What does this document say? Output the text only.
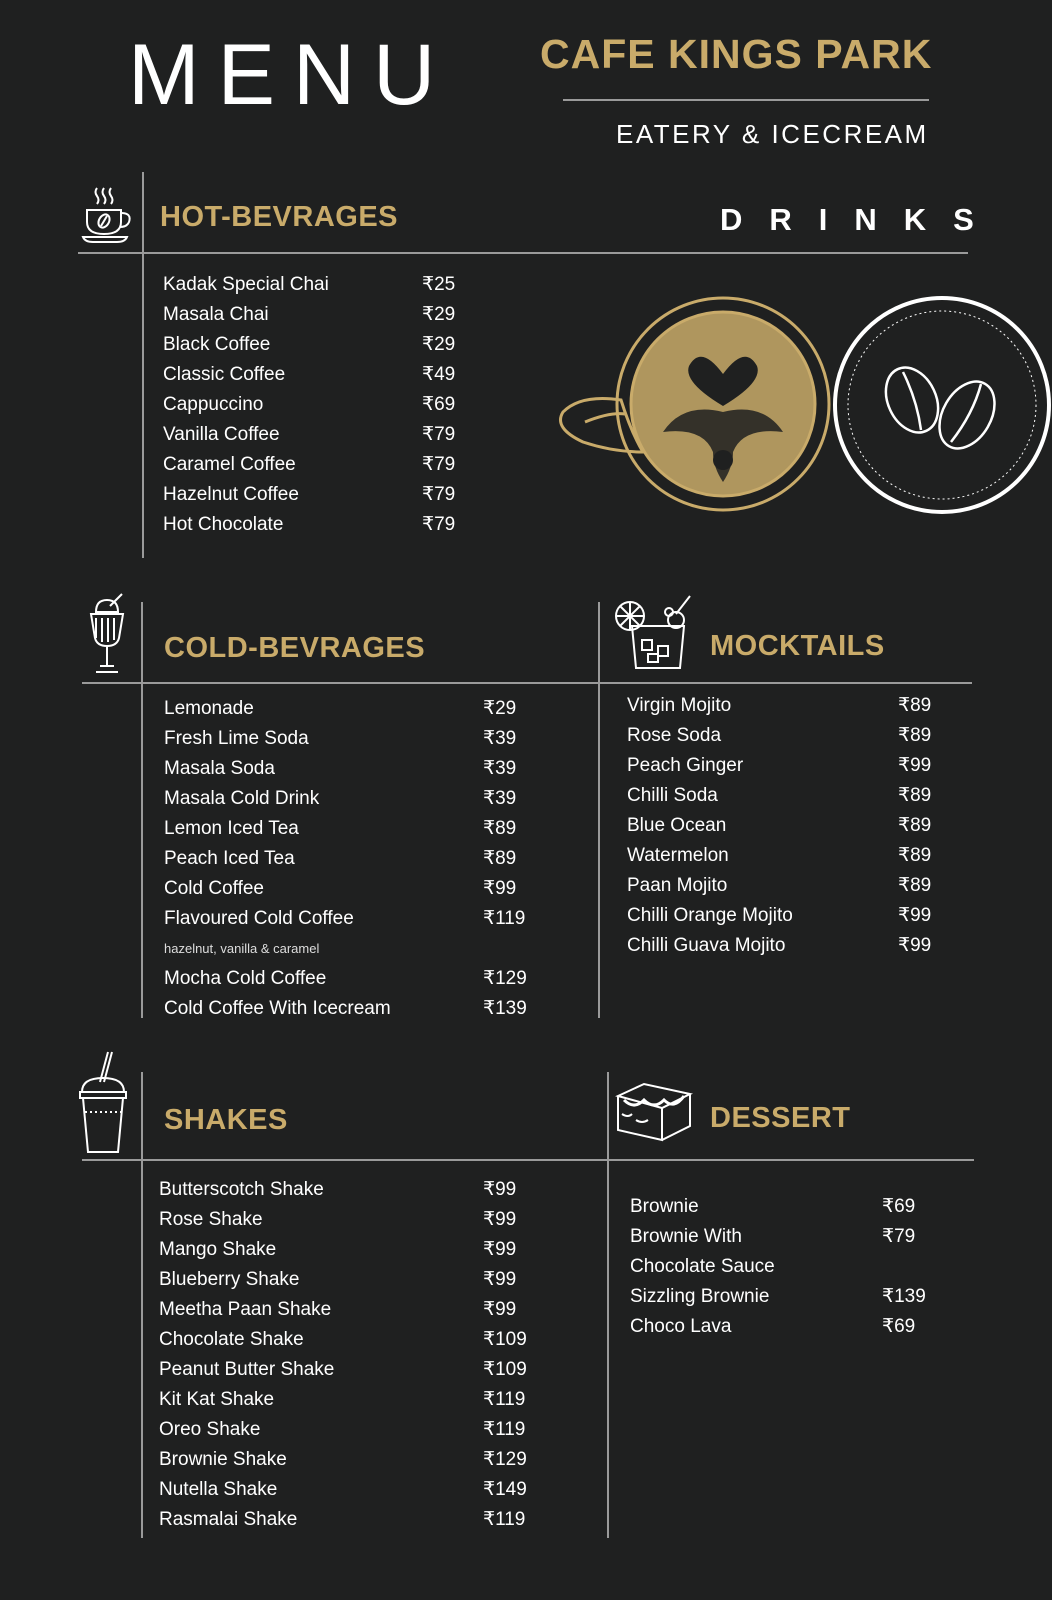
MENU CAFE KINGS PARK
EATERY & ICECREAM
HOT-BEVRAGES	DRINKS
Kadak Special Chai	₹25
Masala Chai	₹29
Black Coffee	₹29
Classic Coffee	₹49
Cappuccino	₹69
Vanilla Coffee	₹79
Caramel Coffee	₹79
Hazelnut Coffee	₹79
Hot Chocolate	₹79
COLD-BEVRAGES
Lemonade	₹29
Fresh Lime Soda	₹39
Masala Soda	₹39
Masala Cold Drink	₹39
Lemon Iced Tea	₹89
Peach Iced Tea	₹89
Cold Coffee	₹99
Flavoured Cold Coffee	₹119
hazelnut, vanilla & caramel
Mocha Cold Coffee	₹129
Cold Coffee With Icecream	₹139
MOCKTAILS
Virgin Mojito	₹89
Rose Soda	₹89
Peach Ginger	₹99
Chilli Soda	₹89
Blue Ocean	₹89
Watermelon	₹89
Paan Mojito	₹89
Chilli Orange Mojito	₹99
Chilli Guava Mojito	₹99
SHAKES
Butterscotch Shake	₹99
Rose Shake	₹99
Mango Shake	₹99
Blueberry Shake	₹99
Meetha Paan Shake	₹99
Chocolate Shake	₹109
Peanut Butter Shake	₹109
Kit Kat Shake	₹119
Oreo Shake	₹119
Brownie Shake	₹129
Nutella Shake	₹149
Rasmalai Shake	₹119
DESSERT
Brownie	₹69
Brownie With	₹79
Chocolate Sauce
Sizzling Brownie	₹139
Choco Lava	₹69
